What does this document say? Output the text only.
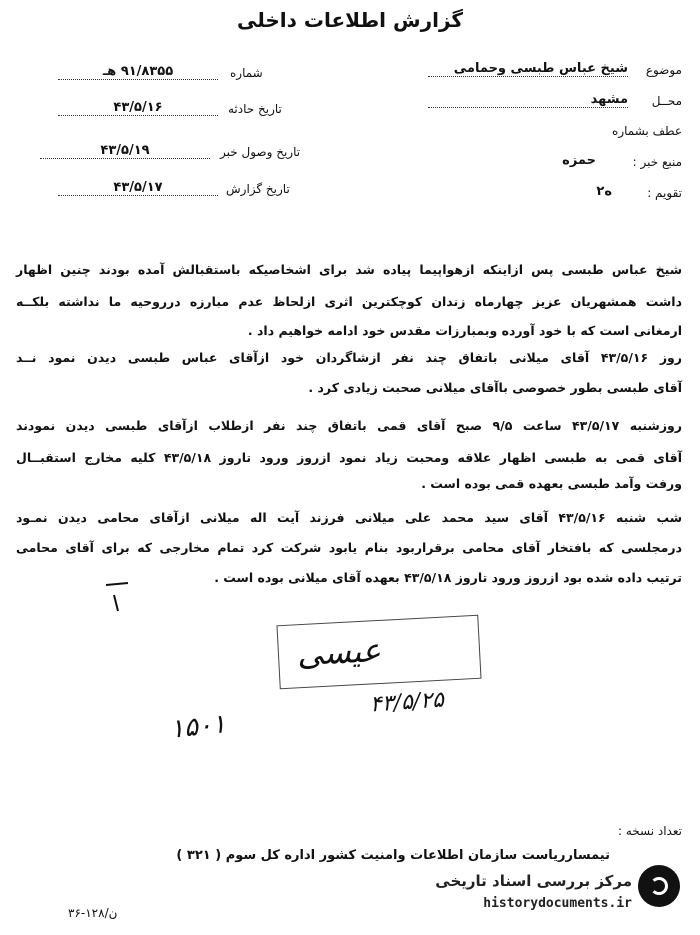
گزارش اطلاعات داخلی
موضوع
شیخ عباس طبسی وحمامی
محــل
مشهد
عطف بشماره
منبع خبر :
حمزه
تقویم :
ه۲
شماره
۹۱/۸۳۵۵ هـ
تاریخ حادثه
۴۳/۵/۱۶
تاریخ وصول خبر
۴۳/۵/۱۹
تاریخ گزارش
۴۳/۵/۱۷
شیخ عباس طبسی پس ازاینکه ازهواپیما پیاده شد برای اشخاصیکه باستقبالش آمده بودند چنین اظهار
داشت همشهریان عزیز چهارماه زندان کوچکترین اثری ازلحاظ عدم مبارزه درروحیه ما نداشته بلکــه
ارمغانی است که با خود آورده وبمبارزات مقدس خود ادامه خواهیم داد .
روز ۴۳/۵/۱۶ آقای میلانی باتفاق چند نفر ازشاگردان خود ازآقای عباس طبسی دیدن نمود نــد
آقای طبسی بطور خصوصی باآقای میلانی صحبت زیادی کرد .
روزشنبه ۴۳/۵/۱۷ ساعت ۹/۵ صبح آقای قمی باتفاق چند نفر ازطلاب ازآقای طبسی دیدن نمودند
آقای قمی به طبسی اظهار علاقه ومحبت زیاد نمود ازروز ورود تاروز ۴۳/۵/۱۸ کلیه مخارج استقبــال
ورفت وآمد طبسی بعهده قمی بوده است .
شب شنبه ۴۳/۵/۱۶ آقای سید محمد علی میلانی فرزند آیت اله میلانی ازآقای محامی دیدن نمـود
درمجلسی که بافتخار آقای محامی برقراربود بنام یابود شرکت کرد تمام مخارجی که برای آقای محامی
ترتیب داده شده بود ازروز ورود تاروز ۴۳/۵/۱۸ بعهده آقای میلانی بوده است .
عیسی
۴۳/۵/۲۵
۱۵۰۱
تعداد نسخه :
تیمسارریاست سازمان اطلاعات وامنیت کشور اداره کل سوم ( ۳۲۱ )
ن/۱۲۸-۳۶
مرکز بررسی اسناد تاریخی
historydocuments.ir
